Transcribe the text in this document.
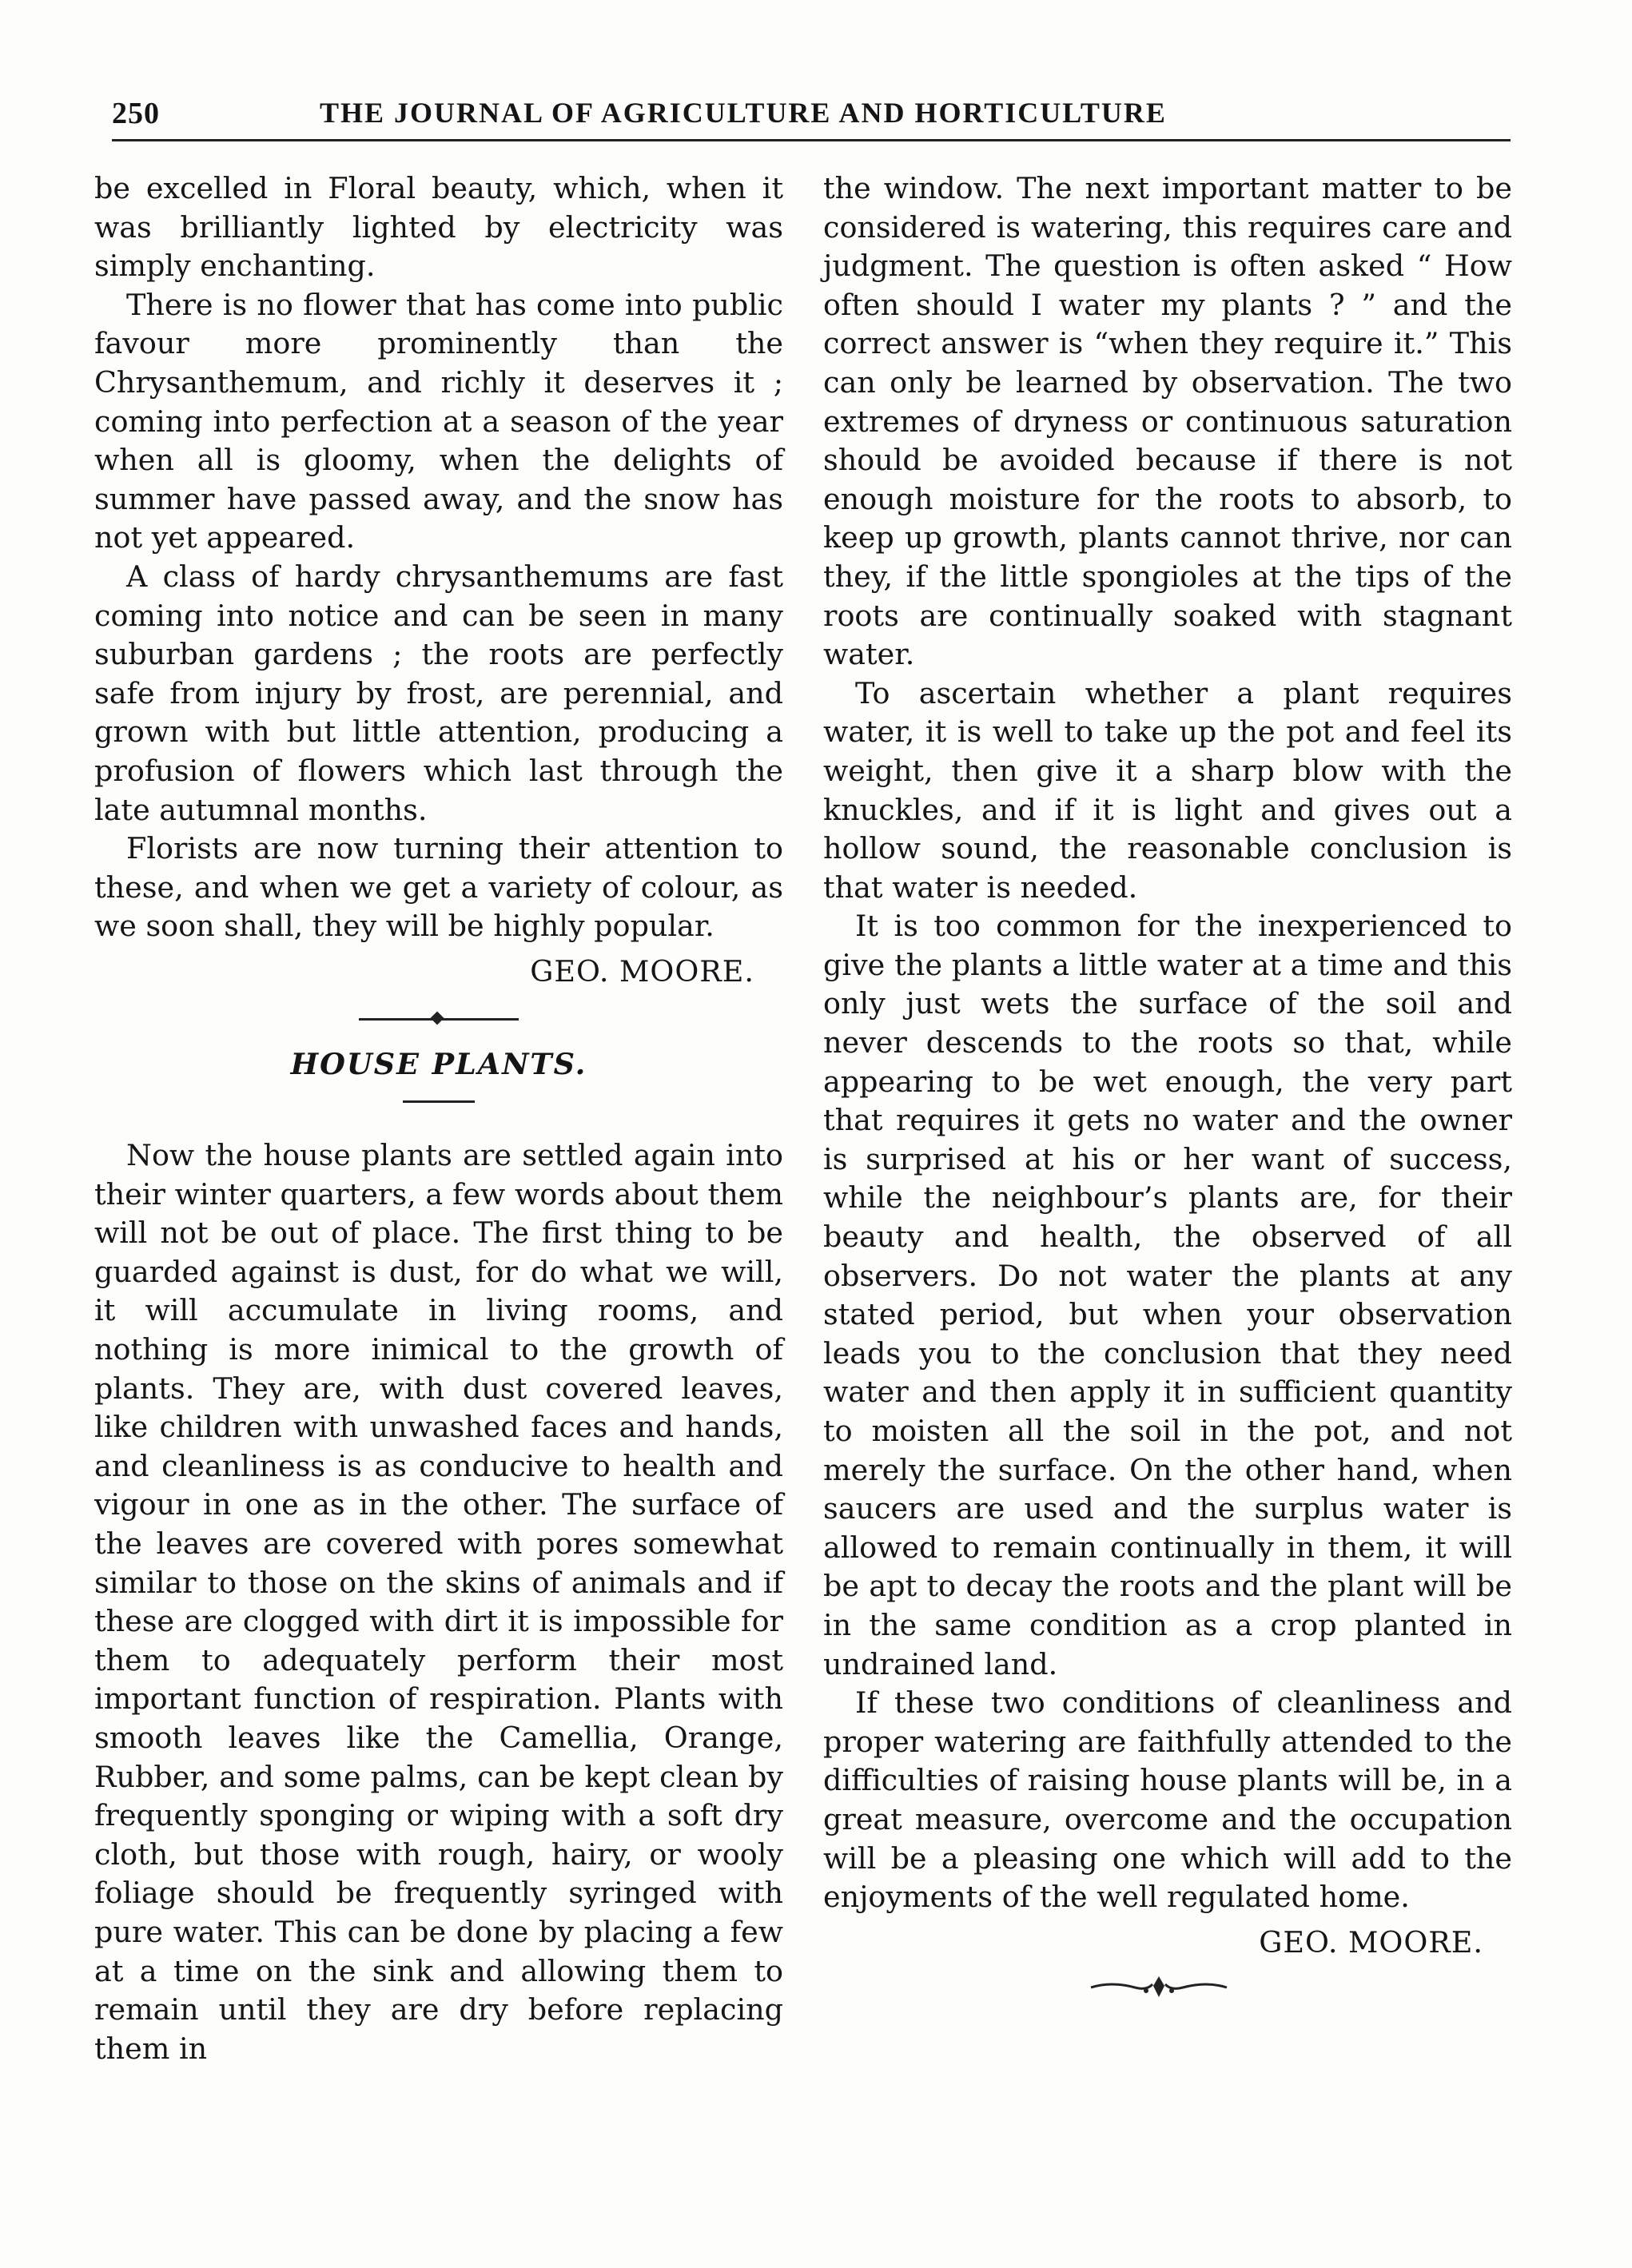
250	THE JOURNAL OF AGRICULTURE AND HORTICULTURE

be excelled in Floral beauty, which, when it was brilliantly lighted by electricity was simply enchanting.

There is no flower that has come into public favour more prominently than the Chrysanthemum, and richly it deserves it ; coming into perfection at a season of the year when all is gloomy, when the delights of summer have passed away, and the snow has not yet appeared.

A class of hardy chrysanthemums are fast coming into notice and can be seen in many suburban gardens ; the roots are perfectly safe from injury by frost, are perennial, and grown with but little attention, producing a profusion of flowers which last through the late autumnal months.

Florists are now turning their attention to these, and when we get a variety of colour, as we soon shall, they will be highly popular.

GEO. MOORE.
HOUSE PLANTS.

Now the house plants are settled again into their winter quarters, a few words about them will not be out of place. The first thing to be guarded against is dust, for do what we will, it will accumulate in living rooms, and nothing is more inimical to the growth of plants. They are, with dust covered leaves, like children with unwashed faces and hands, and cleanliness is as conducive to health and vigour in one as in the other. The surface of the leaves are covered with pores somewhat similar to those on the skins of animals and if these are clogged with dirt it is impossible for them to adequately perform their most important function of respiration. Plants with smooth leaves like the Camellia, Orange, Rubber, and some palms, can be kept clean by frequently sponging or wiping with a soft dry cloth, but those with rough, hairy, or wooly foliage should be frequently syringed with pure water. This can be done by placing a few at a time on the sink and allowing them to remain until they are dry before replacing them in

the window. The next important matter to be considered is watering, this requires care and judgment. The question is often asked “ How often should I water my plants ? ” and the correct answer is “when they require it.” This can only be learned by observation. The two extremes of dryness or continuous saturation should be avoided because if there is not enough moisture for the roots to absorb, to keep up growth, plants cannot thrive, nor can they, if the little spongioles at the tips of the roots are continually soaked with stagnant water.

To ascertain whether a plant requires water, it is well to take up the pot and feel its weight, then give it a sharp blow with the knuckles, and if it is light and gives out a hollow sound, the reasonable conclusion is that water is needed.

It is too common for the inexperienced to give the plants a little water at a time and this only just wets the surface of the soil and never descends to the roots so that, while appearing to be wet enough, the very part that requires it gets no water and the owner is surprised at his or her want of success, while the neighbour’s plants are, for their beauty and health, the observed of all observers. Do not water the plants at any stated period, but when your observation leads you to the conclusion that they need water and then apply it in sufficient quantity to moisten all the soil in the pot, and not merely the surface. On the other hand, when saucers are used and the surplus water is allowed to remain continually in them, it will be apt to decay the roots and the plant will be in the same condition as a crop planted in undrained land.

If these two conditions of cleanliness and proper watering are faithfully attended to the difficulties of raising house plants will be, in a great measure, overcome and the occupation will be a pleasing one which will add to the enjoyments of the well regulated home.

GEO. MOORE.
